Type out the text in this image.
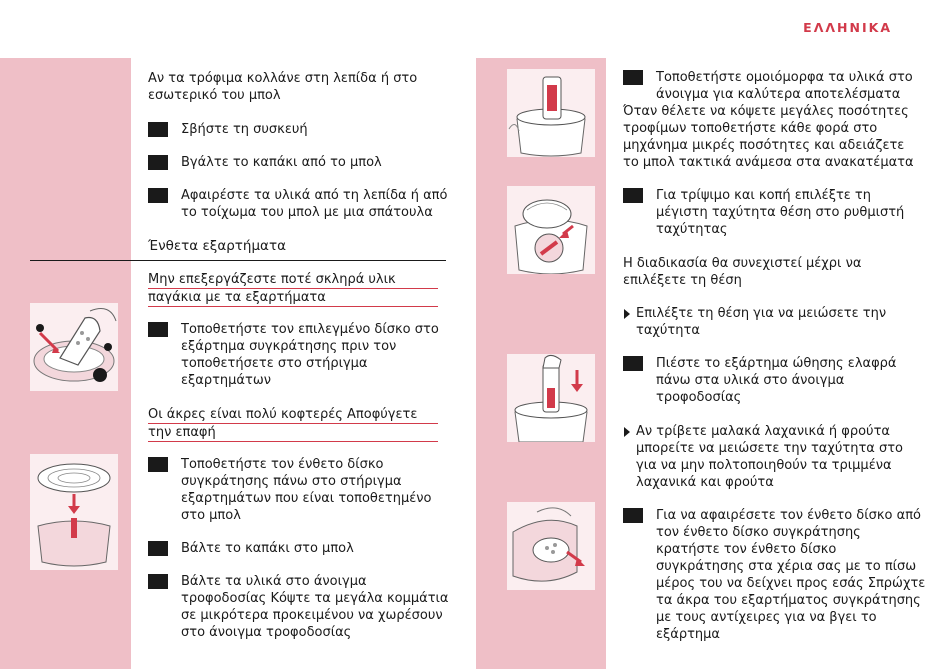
ΕΛΛΗΝΙΚΑ
Αν τα τρόφιμα κολλάνε στη λεπίδα ή στο εσωτερικό του μπολ
Σβήστε τη συσκευή
Βγάλτε το καπάκι από το μπολ
Αφαιρέστε τα υλικά από τη λεπίδα ή από το τοίχωμα του μπολ με μια σπάτουλα
Ένθετα εξαρτήματα
Μην επεξεργάζεστε ποτέ σκληρά υλικ
παγάκια με τα εξαρτήματα
Τοποθετήστε τον επιλεγμένο δίσκο στο εξάρτημα συγκράτησης πριν τον τοποθετήσετε στο στήριγμα εξαρτημάτων
Οι άκρες είναι πολύ κοφτερές Αποφύγετε
την επαφή
Τοποθετήστε τον ένθετο δίσκο συγκράτησης πάνω στο στήριγμα εξαρτημάτων που είναι τοποθετημένο στο μπολ
Βάλτε το καπάκι στο μπολ
Βάλτε τα υλικά στο άνοιγμα τροφοδοσίας Κόψτε τα μεγάλα κομμάτια σε μικρότερα προκειμένου να χωρέσουν στο άνοιγμα τροφοδοσίας
Τοποθετήστε ομοιόμορφα τα υλικά στο άνοιγμα για καλύτερα αποτελέσματα
Όταν θέλετε να κόψετε μεγάλες ποσότητες τροφίμων τοποθετήστε κάθε φορά στο μηχάνημα μικρές ποσότητες και αδειάζετε το μπολ τακτικά ανάμεσα στα ανακατέματα
Για τρίψιμο και κοπή επιλέξτε τη μέγιστη ταχύτητα θέση στο ρυθμιστή ταχύτητας
Η διαδικασία θα συνεχιστεί μέχρι να επιλέξετε τη θέση
Επιλέξτε τη θέση για να μειώσετε την ταχύτητα
Πιέστε το εξάρτημα ώθησης ελαφρά πάνω στα υλικά στο άνοιγμα τροφοδοσίας
Αν τρίβετε μαλακά λαχανικά ή φρούτα μπορείτε να μειώσετε την ταχύτητα στο για να μην πολτοποιηθούν τα τριμμένα λαχανικά και φρούτα
Για να αφαιρέσετε τον ένθετο δίσκο από τον ένθετο δίσκο συγκράτησης κρατήστε τον ένθετο δίσκο συγκράτησης στα χέρια σας με το πίσω μέρος του να δείχνει προς εσάς Σπρώχτε τα άκρα του εξαρτήματος συγκράτησης με τους αντίχειρες για να βγει το εξάρτημα
